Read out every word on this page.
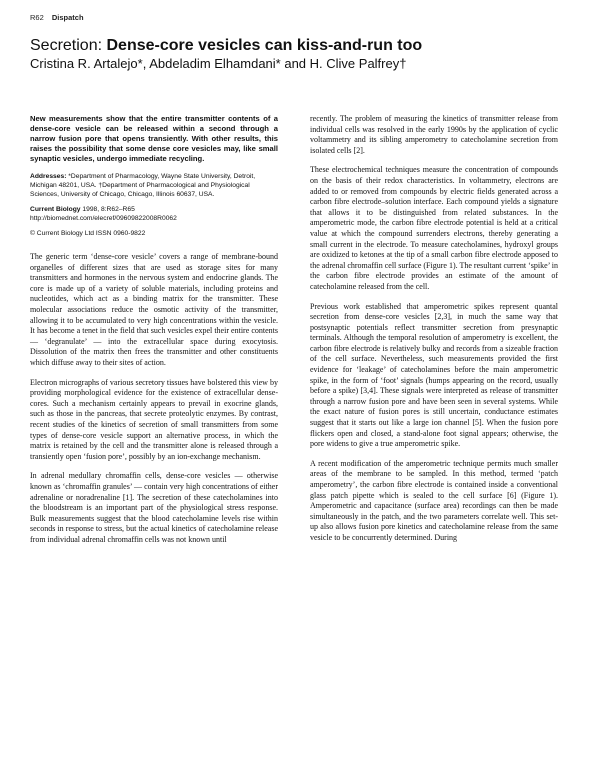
R62 Dispatch
Secretion: Dense-core vesicles can kiss-and-run too
Cristina R. Artalejo*, Abdeladim Elhamdani* and H. Clive Palfrey†

New measurements show that the entire transmitter contents of a dense-core vesicle can be released within a second through a narrow fusion pore that opens transiently. With other results, this raises the possibility that some dense core vesicles may, like small synaptic vesicles, undergo immediate recycling.

Addresses: *Department of Pharmacology, Wayne State University, Detroit, Michigan 48201, USA. †Department of Pharmacological and Physiological Sciences, University of Chicago, Chicago, Illinois 60637, USA.

Current Biology 1998, 8:R62–R65
http://biomednet.com/elecref/09609822008R0062

© Current Biology Ltd ISSN 0960-9822

The generic term ‘dense-core vesicle’ covers a range of membrane-bound organelles of different sizes that are used as storage sites for many transmitters and hormones in the nervous system and endocrine glands. The core is made up of a variety of soluble materials, including proteins and nucleotides, which act as a binding matrix for the transmitter. These molecular associations reduce the osmotic activity of the transmitter, allowing it to be accumulated to very high concentrations within the vesicle. It has become a tenet in the field that such vesicles expel their entire contents — ‘degranulate’ — into the extracellular space during exocytosis. Dissolution of the matrix then frees the transmitter and other constituents which diffuse away to their sites of action.

Electron micrographs of various secretory tissues have bolstered this view by providing morphological evidence for the existence of extracellular dense-cores. Such a mechanism certainly appears to prevail in exocrine glands, such as those in the pancreas, that secrete proteolytic enzymes. By contrast, recent studies of the kinetics of secretion of small transmitters from some types of dense-core vesicle support an alternative process, in which the matrix is retained by the cell and the transmitter alone is released through a transiently open ‘fusion pore’, possibly by an ion-exchange mechanism.

In adrenal medullary chromaffin cells, dense-core vesicles — otherwise known as ‘chromaffin granules’ — contain very high concentrations of either adrenaline or noradrenaline [1]. The secretion of these catecholamines into the bloodstream is an important part of the physiological stress response. Bulk measurements suggest that the blood catecholamine levels rise within seconds in response to stress, but the actual kinetics of catecholamine release from individual adrenal chromaffin cells was not known until

recently. The problem of measuring the kinetics of transmitter release from individual cells was resolved in the early 1990s by the application of cyclic voltammetry and its sibling amperometry to catecholamine secretion from isolated cells [2].

These electrochemical techniques measure the concentration of compounds on the basis of their redox characteristics. In voltammetry, electrons are added to or removed from compounds by electric fields generated across a carbon fibre electrode–solution interface. Each compound yields a signature that allows it to be distinguished from related substances. In the amperometric mode, the carbon fibre electrode potential is held at a critical value at which the compound surrenders electrons, thereby generating a small current in the electrode. To measure catecholamines, hydroxyl groups are oxidized to ketones at the tip of a small carbon fibre electrode apposed to the adrenal chromaffin cell surface (Figure 1). The resultant current ‘spike’ in the carbon fibre electrode provides an estimate of the amount of catecholamine released from the cell.

Previous work established that amperometric spikes represent quantal secretion from dense-core vesicles [2,3], in much the same way that postsynaptic potentials reflect transmitter secretion from presynaptic terminals. Although the temporal resolution of amperometry is excellent, the carbon fibre electrode is relatively bulky and records from a sizeable fraction of the cell surface. Nevertheless, such measurements provided the first evidence for ‘leakage’ of catecholamines before the main amperometric spike, in the form of ‘foot’ signals (humps appearing on the record, usually before a spike) [3,4]. These signals were interpreted as release of transmitter through a narrow fusion pore and have been seen in several systems. While the exact nature of fusion pores is still uncertain, conductance estimates suggest that it starts out like a large ion channel [5]. When the fusion pore flickers open and closed, a stand-alone foot signal appears; otherwise, the pore widens to give a true amperometric spike.

A recent modification of the amperometric technique permits much smaller areas of the membrane to be sampled. In this method, termed ‘patch amperometry’, the carbon fibre electrode is contained inside a conventional glass patch pipette which is sealed to the cell surface [6] (Figure 1). Amperometric and capacitance (surface area) recordings can then be made simultaneously in the patch, and the two parameters correlate well. This set-up also allows fusion pore kinetics and catecholamine release from the same vesicle to be concurrently determined. During
